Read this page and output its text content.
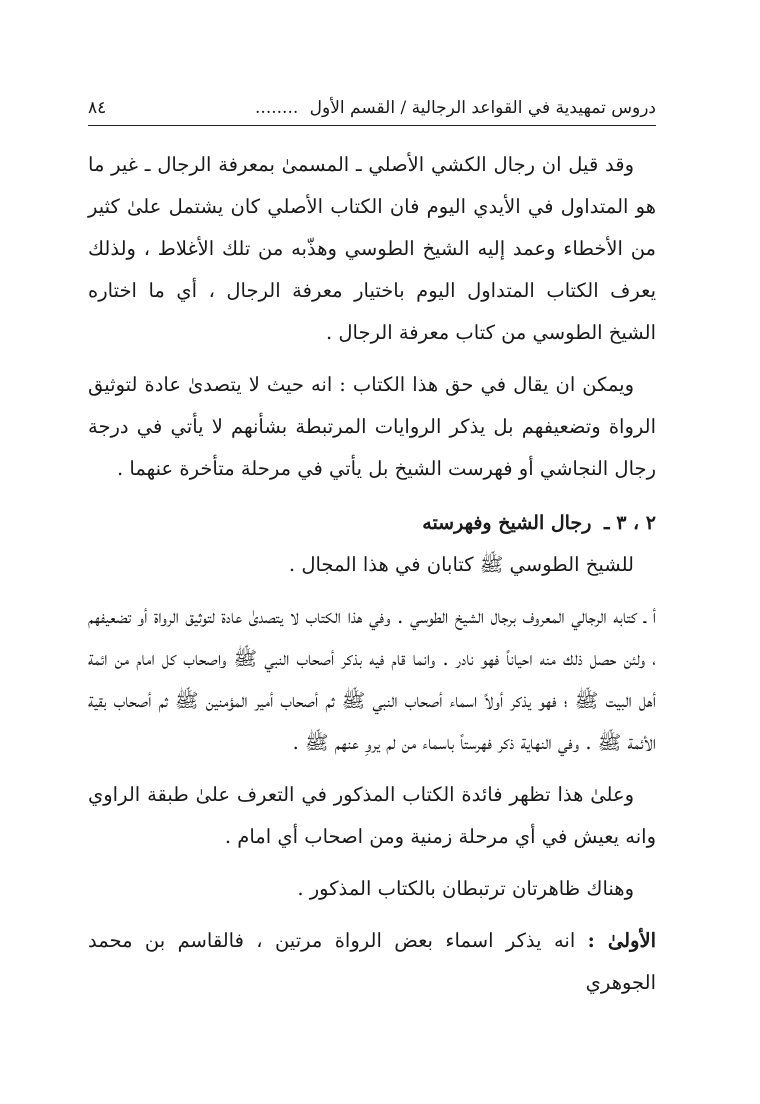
دروس تمهيدية في القواعد الرجالية / القسم الأول ........
٨٤

وقد قيل ان رجال الكشي الأصلي ـ المسمىٰ بمعرفة الرجال ـ غير ما هو المتداول في الأيدي اليوم فان الكتاب الأصلي كان يشتمل علىٰ كثير من الأخطاء وعمد إليه الشيخ الطوسي وهذّبه من تلك الأغلاط ، ولذلك يعرف الكتاب المتداول اليوم باختيار معرفة الرجال ، أي ما اختاره الشيخ الطوسي من كتاب معرفة الرجال .

ويمكن ان يقال في حق هذا الكتاب : انه حيث لا يتصدىٰ عادة لتوثيق الرواة وتضعيفهم بل يذكر الروايات المرتبطة بشأنهم لا يأتي في درجة رجال النجاشي أو فهرست الشيخ بل يأتي في مرحلة متأخرة عنهما .

٢ ، ٣ ـ رجال الشيخ وفهرسته

للشيخ الطوسي ﷺ كتابان في هذا المجال .

أ ـ كتابه الرجالي المعروف برجال الشيخ الطوسي . وفي هذا الكتاب لا يتصدىٰ عادة لتوثيق الرواة أو تضعيفهم ، ولئن حصل ذلك منه احياناً فهو نادر . وانما قام فيه بذكر أصحاب النبي ﷺ واصحاب كل امام من ائمة أهل البيت ﷺ ؛ فهو يذكر أولاً اسماء أصحاب النبي ﷺ ثم أصحاب أمير المؤمنين ﷺ ثم أصحاب بقية الأئمة ﷺ . وفي النهاية ذكر فهرستاً باسماء من لم يروِ عنهم ﷺ .

وعلىٰ هذا تظهر فائدة الكتاب المذكور في التعرف علىٰ طبقة الراوي وانه يعيش في أي مرحلة زمنية ومن اصحاب أي امام .

وهناك ظاهرتان ترتبطان بالكتاب المذكور .

الأولىٰ : انه يذكر اسماء بعض الرواة مرتين ، فالقاسم بن محمد الجوهري
